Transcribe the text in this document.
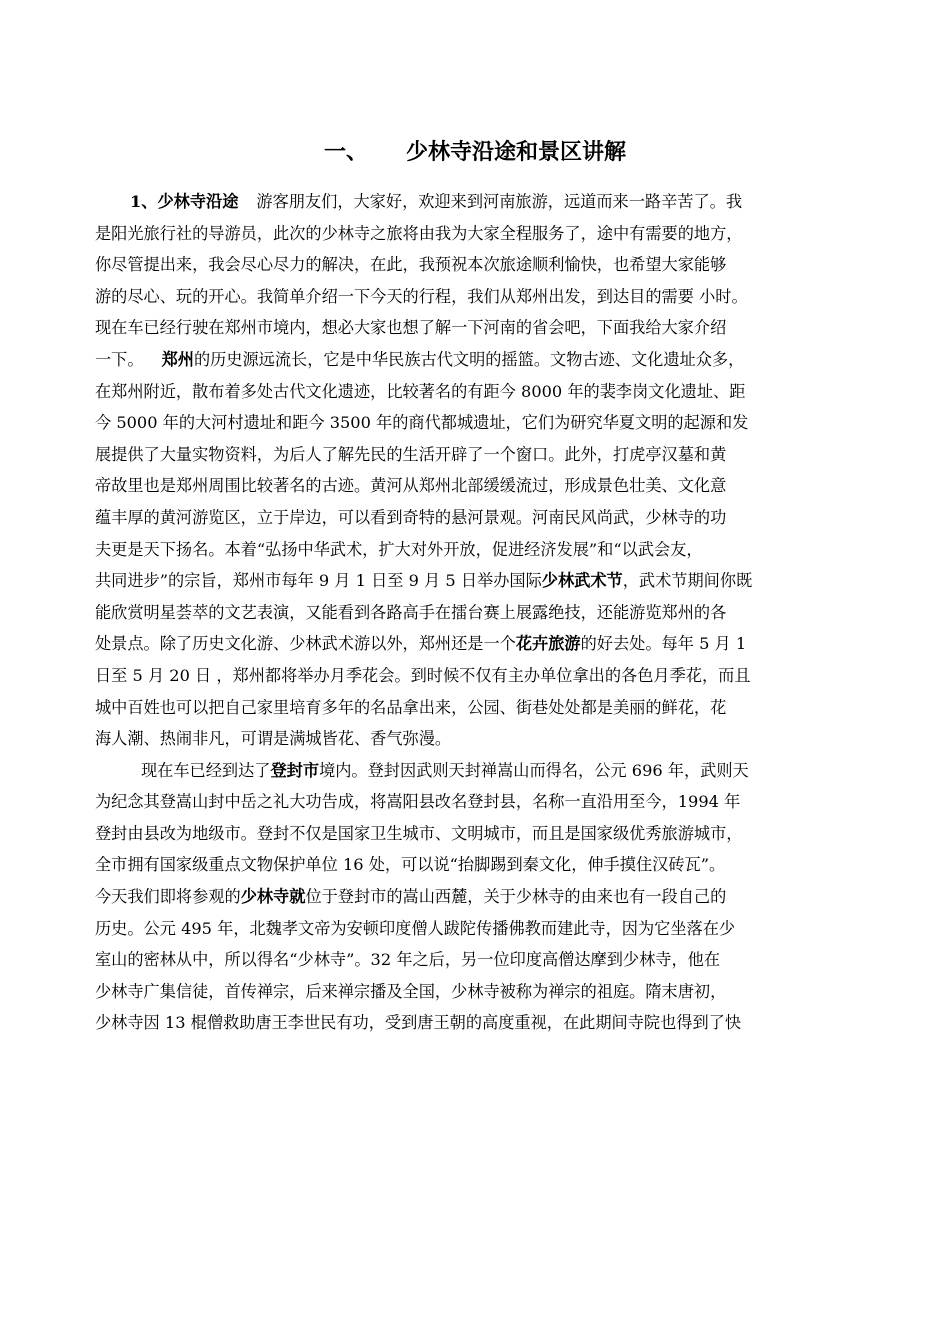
一、 少林寺沿途和景区讲解
1、少林寺沿途 游客朋友们，大家好，欢迎来到河南旅游，远道而来一路辛苦了。我
是阳光旅行社的导游员，此次的少林寺之旅将由我为大家全程服务了，途中有需要的地方，
你尽管提出来，我会尽心尽力的解决，在此，我预祝本次旅途顺利愉快，也希望大家能够
游的尽心、玩的开心。我简单介绍一下今天的行程，我们从郑州出发，到达目的需要 小时。
现在车已经行驶在郑州市境内，想必大家也想了解一下河南的省会吧，下面我给大家介绍
一下。 郑州的历史源远流长，它是中华民族古代文明的摇篮。文物古迹、文化遗址众多，
在郑州附近，散布着多处古代文化遗迹，比较著名的有距今 8000 年的裴李岗文化遗址、距
今 5000 年的大河村遗址和距今 3500 年的商代都城遗址，它们为研究华夏文明的起源和发
展提供了大量实物资料，为后人了解先民的生活开辟了一个窗口。此外，打虎亭汉墓和黄
帝故里也是郑州周围比较著名的古迹。黄河从郑州北部缓缓流过，形成景色壮美、文化意
蕴丰厚的黄河游览区，立于岸边，可以看到奇特的悬河景观。河南民风尚武，少林寺的功
夫更是天下扬名。本着“弘扬中华武术，扩大对外开放，促进经济发展”和“以武会友，
共同进步”的宗旨，郑州市每年 9 月 1 日至 9 月 5 日举办国际少林武术节，武术节期间你既
能欣赏明星荟萃的文艺表演，又能看到各路高手在擂台赛上展露绝技，还能游览郑州的各
处景点。除了历史文化游、少林武术游以外，郑州还是一个花卉旅游的好去处。每年 5 月 1
日至 5 月 20 日 ，郑州都将举办月季花会。到时候不仅有主办单位拿出的各色月季花，而且
城中百姓也可以把自己家里培育多年的名品拿出来，公园、街巷处处都是美丽的鲜花，花
海人潮、热闹非凡，可谓是满城皆花、香气弥漫。
现在车已经到达了登封市境内。登封因武则天封禅嵩山而得名，公元 696 年，武则天
为纪念其登嵩山封中岳之礼大功告成，将嵩阳县改名登封县，名称一直沿用至今，1994 年
登封由县改为地级市。登封不仅是国家卫生城市、文明城市，而且是国家级优秀旅游城市，
全市拥有国家级重点文物保护单位 16 处，可以说“抬脚踢到秦文化，伸手摸住汉砖瓦”。
今天我们即将参观的少林寺就位于登封市的嵩山西麓，关于少林寺的由来也有一段自己的
历史。公元 495 年，北魏孝文帝为安顿印度僧人跋陀传播佛教而建此寺，因为它坐落在少
室山的密林从中，所以得名“少林寺”。32 年之后，另一位印度高僧达摩到少林寺，他在
少林寺广集信徒，首传禅宗，后来禅宗播及全国，少林寺被称为禅宗的祖庭。隋末唐初，
少林寺因 13 棍僧救助唐王李世民有功，受到唐王朝的高度重视，在此期间寺院也得到了快
